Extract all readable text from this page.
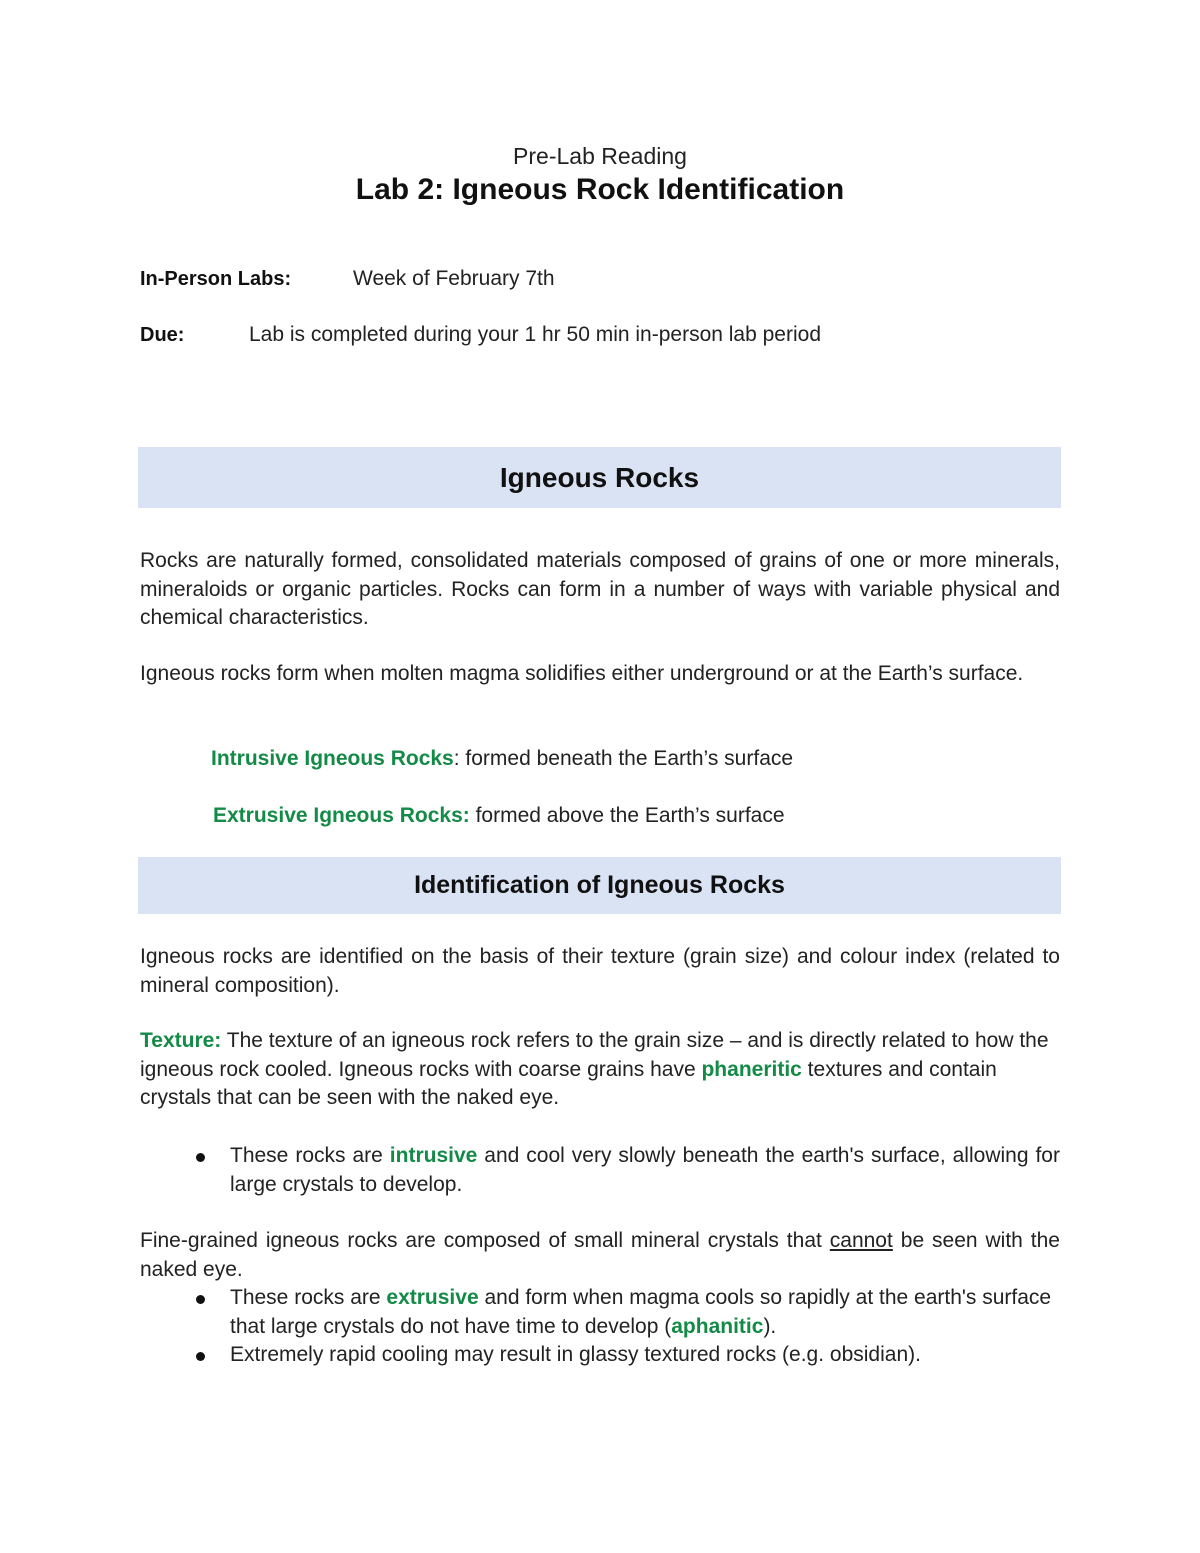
Pre-Lab Reading
Lab 2: Igneous Rock Identification
In-Person Labs:	Week of February 7th
Due:	Lab is completed during your 1 hr 50 min in-person lab period
Igneous Rocks
Rocks are naturally formed, consolidated materials composed of grains of one or more minerals, mineraloids or organic particles. Rocks can form in a number of ways with variable physical and chemical characteristics.
Igneous rocks form when molten magma solidifies either underground or at the Earth’s surface.
Intrusive Igneous Rocks: formed beneath the Earth’s surface
Extrusive Igneous Rocks: formed above the Earth’s surface
Identification of Igneous Rocks
Igneous rocks are identified on the basis of their texture (grain size) and colour index (related to mineral composition).
Texture: The texture of an igneous rock refers to the grain size – and is directly related to how the igneous rock cooled. Igneous rocks with coarse grains have phaneritic textures and contain crystals that can be seen with the naked eye.
These rocks are intrusive and cool very slowly beneath the earth's surface, allowing for large crystals to develop.
Fine-grained igneous rocks are composed of small mineral crystals that cannot be seen with the naked eye.
These rocks are extrusive and form when magma cools so rapidly at the earth's surface that large crystals do not have time to develop (aphanitic).
Extremely rapid cooling may result in glassy textured rocks (e.g. obsidian).
